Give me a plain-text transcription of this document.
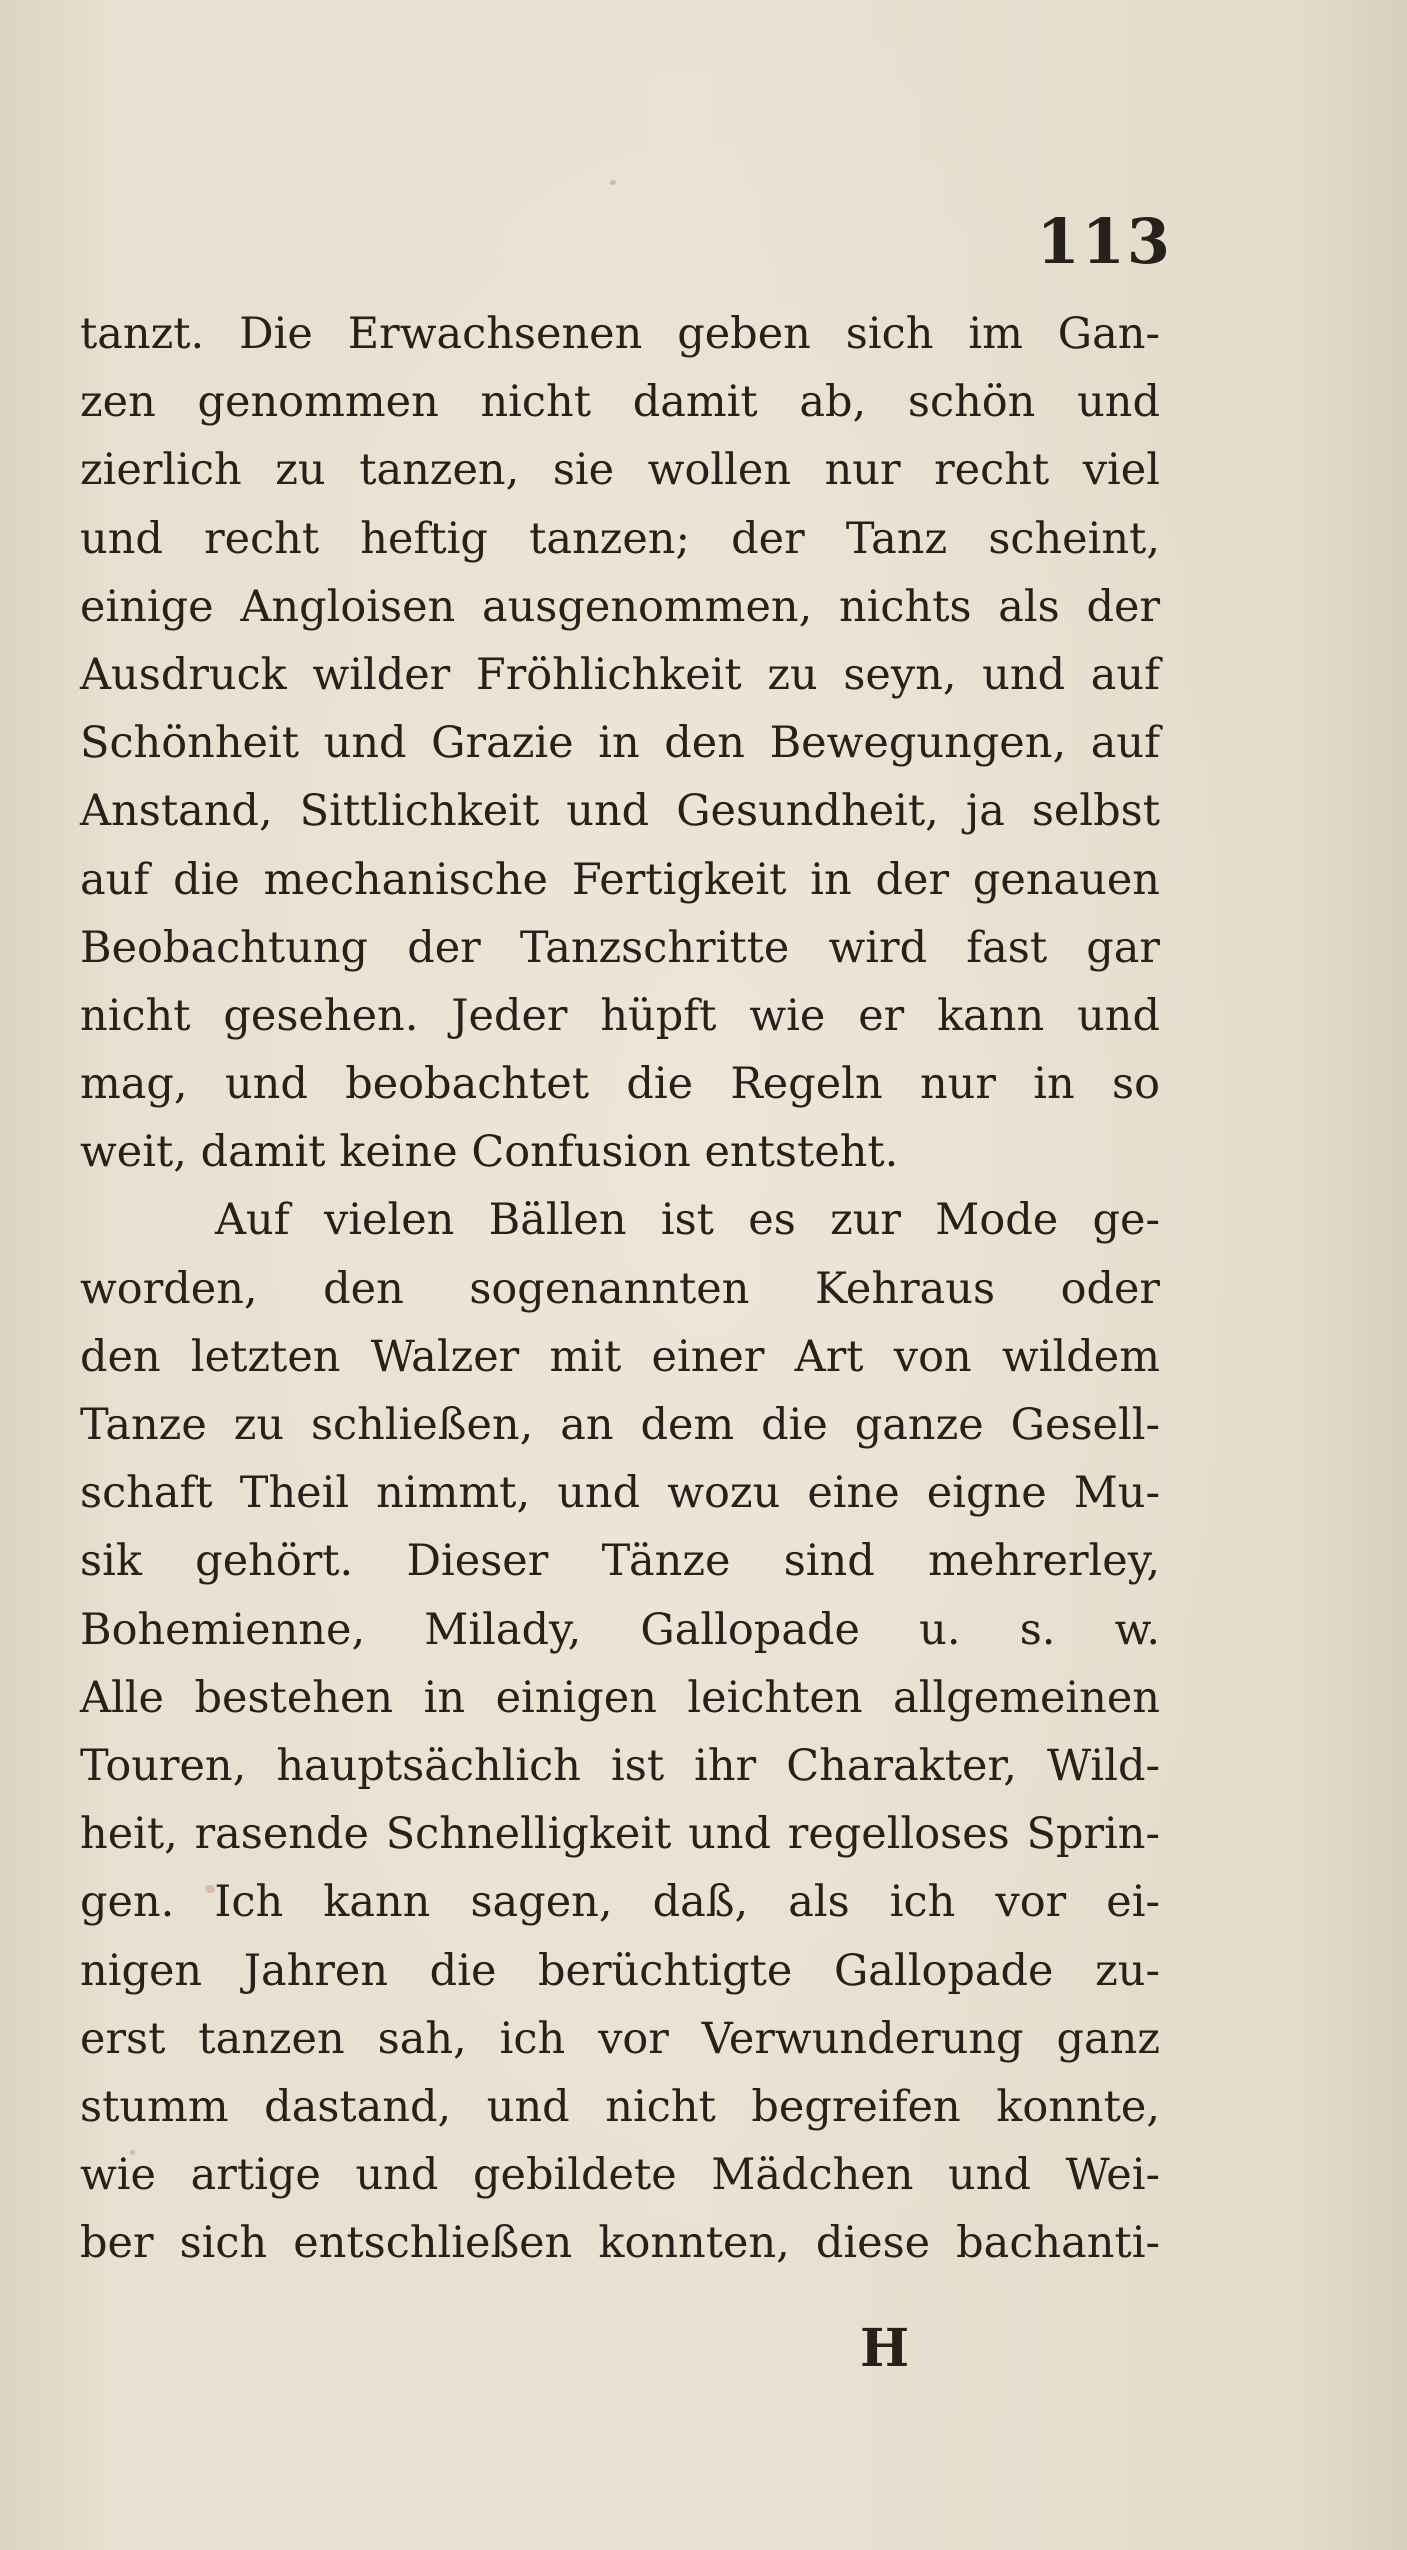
113
tanzt. Die Erwachsenen geben sich im Gan-
zen genommen nicht damit ab, schön und
zierlich zu tanzen, sie wollen nur recht viel
und recht heftig tanzen; der Tanz scheint,
einige Angloisen ausgenommen, nichts als der
Ausdruck wilder Fröhlichkeit zu seyn, und auf
Schönheit und Grazie in den Bewegungen, auf
Anstand, Sittlichkeit und Gesundheit, ja selbst
auf die mechanische Fertigkeit in der genauen
Beobachtung der Tanzschritte wird fast gar
nicht gesehen. Jeder hüpft wie er kann und
mag, und beobachtet die Regeln nur in so
weit, damit keine Confusion entsteht.
Auf vielen Bällen ist es zur Mode ge-
worden, den sogenannten Kehraus oder
den letzten Walzer mit einer Art von wildem
Tanze zu schließen, an dem die ganze Gesell-
schaft Theil nimmt, und wozu eine eigne Mu-
sik gehört. Dieser Tänze sind mehrerley,
Bohemienne, Milady, Gallopade u. s. w.
Alle bestehen in einigen leichten allgemeinen
Touren, hauptsächlich ist ihr Charakter, Wild-
heit, rasende Schnelligkeit und regelloses Sprin-
gen. Ich kann sagen, daß, als ich vor ei-
nigen Jahren die berüchtigte Gallopade zu-
erst tanzen sah, ich vor Verwunderung ganz
stumm dastand, und nicht begreifen konnte,
wie artige und gebildete Mädchen und Wei-
ber sich entschließen konnten, diese bachanti-
H
